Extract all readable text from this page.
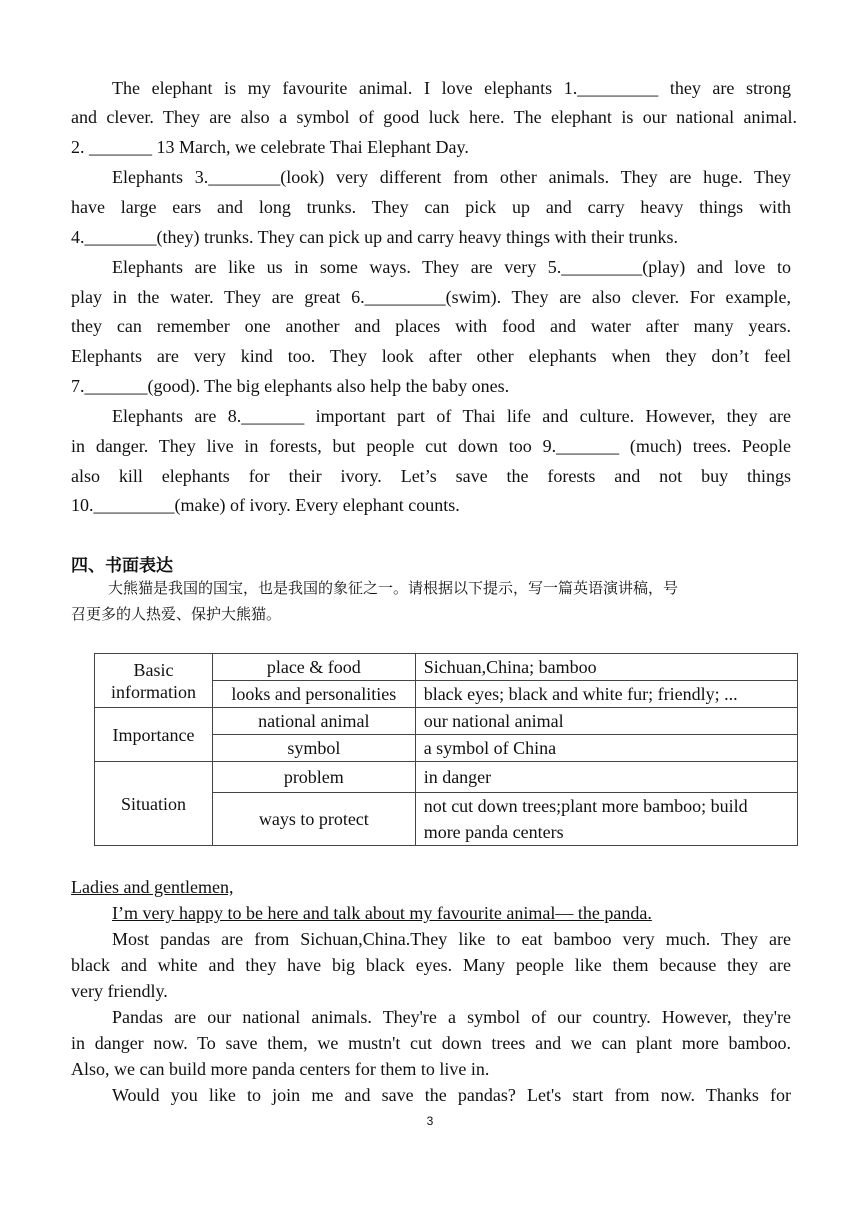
The elephant is my favourite animal. I love elephants 1._________ they are strong
and clever. They are also a symbol of good luck here. The elephant is our national animal.
2. _______ 13 March, we celebrate Thai Elephant Day.
Elephants 3.________(look) very different from other animals. They are huge. They
have large ears and long trunks. They can pick up and carry heavy things with
4.________(they) trunks. They can pick up and carry heavy things with their trunks.
Elephants are like us in some ways. They are very 5._________(play) and love to
play in the water. They are great 6._________(swim). They are also clever. For example,
they can remember one another and places with food and water after many years.
Elephants are very kind too. They look after other elephants when they don’t feel
7._______(good). The big elephants also help the baby ones.
Elephants are 8._______ important part of Thai life and culture. However, they are
in danger. They live in forests, but people cut down too 9._______ (much) trees. People
also kill elephants for their ivory. Let’s save the forests and not buy things
10._________(make) of ivory. Every elephant counts.
四、书面表达
大熊猫是我国的国宝，也是我国的象征之一。请根据以下提示，写一篇英语演讲稿，号
召更多的人热爱、保护大熊猫。
Basic
information	place & food	Sichuan,China; bamboo
	looks and personalities	black eyes; black and white fur; friendly; ...
Importance	national animal	our national animal
	symbol	a symbol of China
Situation	problem	in danger
	ways to protect	not cut down trees;plant more bamboo; build
more panda centers
Ladies and gentlemen,
I’m very happy to be here and talk about my favourite animal— the panda.
Most pandas are from Sichuan,China.They like to eat bamboo very much. They are
black and white and they have big black eyes. Many people like them because they are
very friendly.
Pandas are our national animals. They're a symbol of our country. However, they're
in danger now. To save them, we mustn't cut down trees and we can plant more bamboo.
Also, we can build more panda centers for them to live in.
Would you like to join me and save the pandas? Let's start from now. Thanks for
3
